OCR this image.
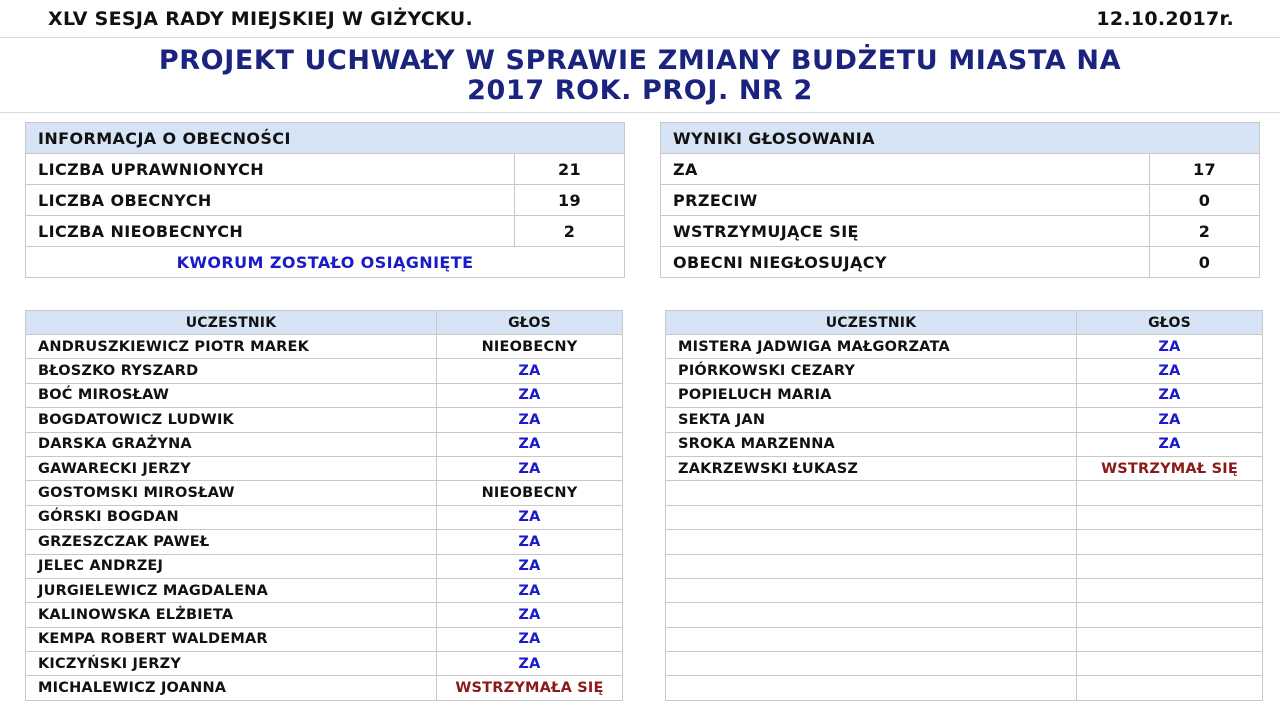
XLV SESJA RADY MIEJSKIEJ W GIŻYCKU.	12.10.2017r.
PROJEKT UCHWAŁY W SPRAWIE ZMIANY BUDŻETU MIASTA NA
2017 ROK. PROJ. NR 2
INFORMACJA O OBECNOŚCI	
LICZBA UPRAWNIONYCH	21
LICZBA OBECNYCH	19
LICZBA NIEOBECNYCH	2
KWORUM ZOSTAŁO OSIĄGNIĘTE	
WYNIKI GŁOSOWANIA	
ZA	17
PRZECIW	0
WSTRZYMUJĄCE SIĘ	2
OBECNI NIEGŁOSUJĄCY	0
UCZESTNIK	GŁOS
ANDRUSZKIEWICZ PIOTR MAREK	NIEOBECNY
BŁOSZKO RYSZARD	ZA
BOĆ MIROSŁAW	ZA
BOGDATOWICZ LUDWIK	ZA
DARSKA GRAŻYNA	ZA
GAWARECKI JERZY	ZA
GOSTOMSKI MIROSŁAW	NIEOBECNY
GÓRSKI BOGDAN	ZA
GRZESZCZAK PAWEŁ	ZA
JELEC ANDRZEJ	ZA
JURGIELEWICZ MAGDALENA	ZA
KALINOWSKA ELŻBIETA	ZA
KEMPA ROBERT WALDEMAR	ZA
KICZYŃSKI JERZY	ZA
MICHALEWICZ JOANNA	WSTRZYMAŁA SIĘ
UCZESTNIK	GŁOS
MISTERA JADWIGA MAŁGORZATA	ZA
PIÓRKOWSKI CEZARY	ZA
POPIELUCH MARIA	ZA
SEKTA JAN	ZA
SROKA MARZENNA	ZA
ZAKRZEWSKI ŁUKASZ	WSTRZYMAŁ SIĘ
